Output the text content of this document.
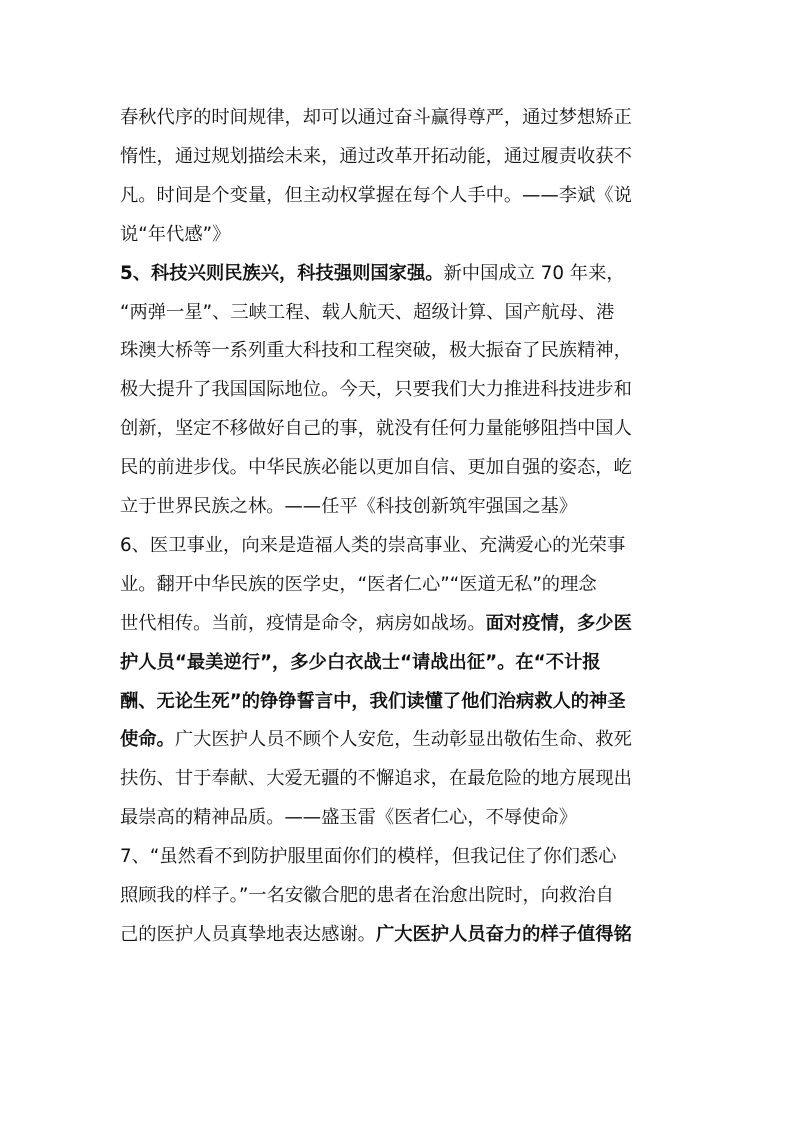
春秋代序的时间规律，却可以通过奋斗赢得尊严，通过梦想矫正
惰性，通过规划描绘未来，通过改革开拓动能，通过履责收获不
凡。时间是个变量，但主动权掌握在每个人手中。——李斌《说
说“年代感”》
5、科技兴则民族兴，科技强则国家强。新中国成立 70 年来，
“两弹一星”、三峡工程、载人航天、超级计算、国产航母、港
珠澳大桥等一系列重大科技和工程突破，极大振奋了民族精神，
极大提升了我国国际地位。今天，只要我们大力推进科技进步和
创新，坚定不移做好自己的事，就没有任何力量能够阻挡中国人
民的前进步伐。中华民族必能以更加自信、更加自强的姿态，屹
立于世界民族之林。——任平《科技创新筑牢强国之基》
6、医卫事业，向来是造福人类的崇高事业、充满爱心的光荣事
业。翻开中华民族的医学史，“医者仁心”“医道无私”的理念
世代相传。当前，疫情是命令，病房如战场。面对疫情，多少医
护人员“最美逆行”，多少白衣战士“请战出征”。在“不计报
酬、无论生死”的铮铮誓言中，我们读懂了他们治病救人的神圣
使命。广大医护人员不顾个人安危，生动彰显出敬佑生命、救死
扶伤、甘于奉献、大爱无疆的不懈追求，在最危险的地方展现出
最崇高的精神品质。——盛玉雷《医者仁心，不辱使命》
7、“虽然看不到防护服里面你们的模样，但我记住了你们悉心
照顾我的样子。”一名安徽合肥的患者在治愈出院时，向救治自
己的医护人员真挚地表达感谢。广大医护人员奋力的样子值得铭
